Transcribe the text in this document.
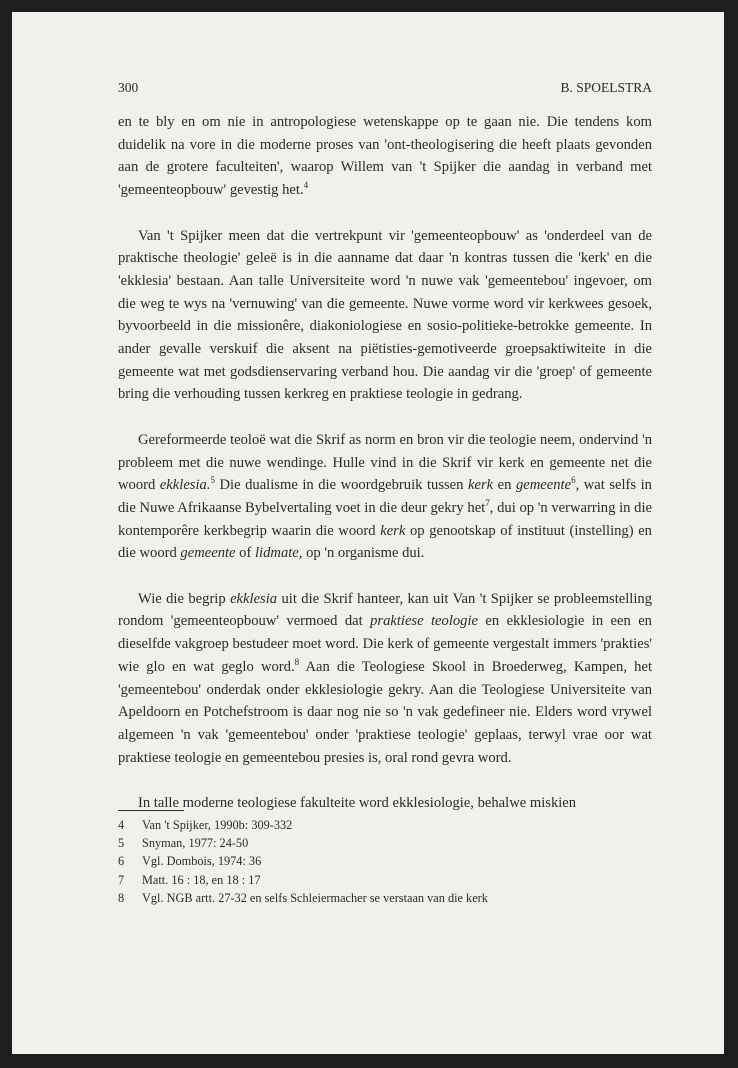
300	B. SPOELSTRA

en te bly en om nie in antropologiese wetenskappe op te gaan nie. Die tendens kom duidelik na vore in die moderne proses van 'ont-theologisering die heeft plaats gevonden aan de grotere faculteiten', waarop Willem van 't Spijker die aandag in verband met 'gemeenteopbouw' gevestig het.$^4$

Van 't Spijker meen dat die vertrekpunt vir 'gemeenteopbouw' as 'onderdeel van de praktische theologie' geleë is in die aanname dat daar 'n kontras tussen die 'kerk' en die 'ekklesia' bestaan. Aan talle Universiteite word 'n nuwe vak 'gemeentebou' ingevoer, om die weg te wys na 'vernuwing' van die gemeente. Nuwe vorme word vir kerkwees gesoek, byvoorbeeld in die missionêre, diakoniologiese en sosio-politieke-betrokke gemeente. In ander gevalle verskuif die aksent na piëtisties-gemotiveerde groepsaktiwiteite in die gemeente wat met godsdienservaring verband hou. Die aandag vir die 'groep' of gemeente bring die verhouding tussen kerkreg en praktiese teologie in gedrang.

Gereformeerde teoloë wat die Skrif as norm en bron vir die teologie neem, ondervind 'n probleem met die nuwe wendinge. Hulle vind in die Skrif vir kerk en gemeente net die woord ekklesia.$^5$ Die dualisme in die woordgebruik tussen kerk en gemeente$^6$, wat selfs in die Nuwe Afrikaanse Bybelvertaling voet in die deur gekry het$^7$, dui op 'n verwarring in die kontemporêre kerkbegrip waarin die woord kerk op genootskap of instituut (instelling) en die woord gemeente of lidmate, op 'n organisme dui.

Wie die begrip ekklesia uit die Skrif hanteer, kan uit Van 't Spijker se probleemstelling rondom 'gemeenteopbouw' vermoed dat praktiese teologie en ekklesiologie in een en dieselfde vakgroep bestudeer moet word. Die kerk of gemeente vergestalt immers 'prakties' wie glo en wat geglo word.$^8$ Aan die Teologiese Skool in Broederweg, Kampen, het 'gemeentebou' onderdak onder ekklesiologie gekry. Aan die Teologiese Universiteite van Apeldoorn en Potchefstroom is daar nog nie so 'n vak gedefineer nie. Elders word vrywel algemeen 'n vak 'gemeentebou' onder 'praktiese teologie' geplaas, terwyl vrae oor wat praktiese teologie en gemeentebou presies is, oral rond gevra word.

In talle moderne teologiese fakulteite word ekklesiologie, behalwe miskien

4	Van 't Spijker, 1990b: 309-332
5	Snyman, 1977: 24-50
6	Vgl. Dombois, 1974: 36
7	Matt. 16 : 18, en 18 : 17
8	Vgl. NGB artt. 27-32 en selfs Schleiermacher se verstaan van die kerk
